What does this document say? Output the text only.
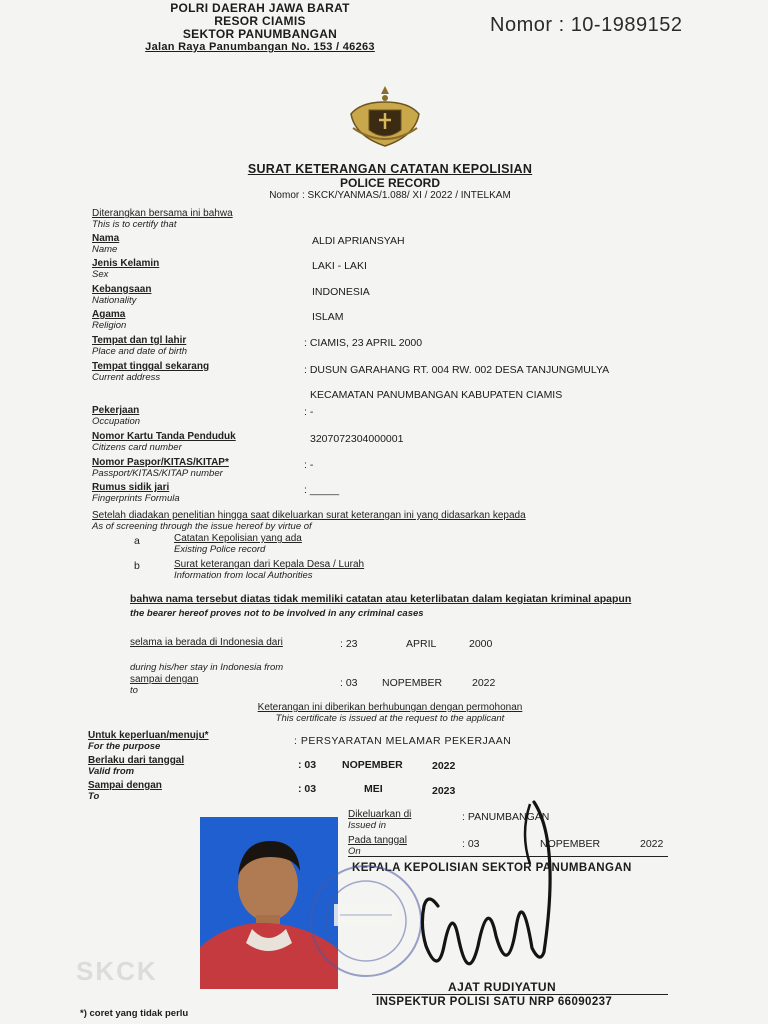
POLRI DAERAH JAWA BARAT
RESOR CIAMIS
SEKTOR PANUMBANGAN
Jalan Raya Panumbangan No. 153 / 46263
Nomor : 10-1989152
SURAT KETERANGAN CATATAN KEPOLISIAN
POLICE RECORD
Nomor : SKCK/YANMAS/1.088/ XI / 2022 / INTELKAM
Diterangkan bersama ini bahwa
This is to certify that
Nama
Name
ALDI APRIANSYAH
Jenis Kelamin
Sex
LAKI - LAKI
Kebangsaan
Nationality
INDONESIA
Agama
Religion
ISLAM
Tempat dan tgl lahir
Place and date of birth
: CIAMIS, 23 APRIL 2000
Tempat tinggal sekarang
Current address
: DUSUN GARAHANG RT. 004 RW. 002 DESA TANJUNGMULYA
KECAMATAN PANUMBANGAN KABUPATEN CIAMIS
Pekerjaan
Occupation
: -
Nomor Kartu Tanda Penduduk
Citizens card number
3207072304000001
Nomor Paspor/KITAS/KITAP*
Passport/KITAS/KITAP number
: -
Rumus sidik jari
Fingerprints Formula
: _____
Setelah diadakan penelitian hingga saat dikeluarkan surat keterangan ini yang didasarkan kepada
As of screening through the issue hereof by virtue of
a	Catatan Kepolisian yang ada
Existing Police record
b	Surat keterangan dari Kepala Desa / Lurah
Information from local Authorities
bahwa nama tersebut diatas tidak memiliki catatan atau keterlibatan dalam kegiatan kriminal apapun
the bearer hereof proves not to be involved in any criminal cases
selama ia berada di Indonesia dari	: 23	APRIL	2000
during his/her stay in Indonesia from
sampai dengan
to
: 03 NOPEMBER	2022
Keterangan ini diberikan berhubungan dengan permohonan
This certificate is issued at the request to the applicant
Untuk keperluan/menuju*
For the purpose	: PERSYARATAN MELAMAR PEKERJAAN
Berlaku dari tanggal
Valid from
: 03 NOPEMBER	2022
Sampai dengan
To
: 03	MEI	2023
Dikeluarkan di
Issued in
: PANUMBANGAN
Pada tanggal
On
: 03	NOPEMBER	2022
KEPALA KEPOLISIAN SEKTOR PANUMBANGAN
AJAT RUDIYATUN
INSPEKTUR POLISI SATU NRP 66090237
SKCK
*) coret yang tidak perlu
